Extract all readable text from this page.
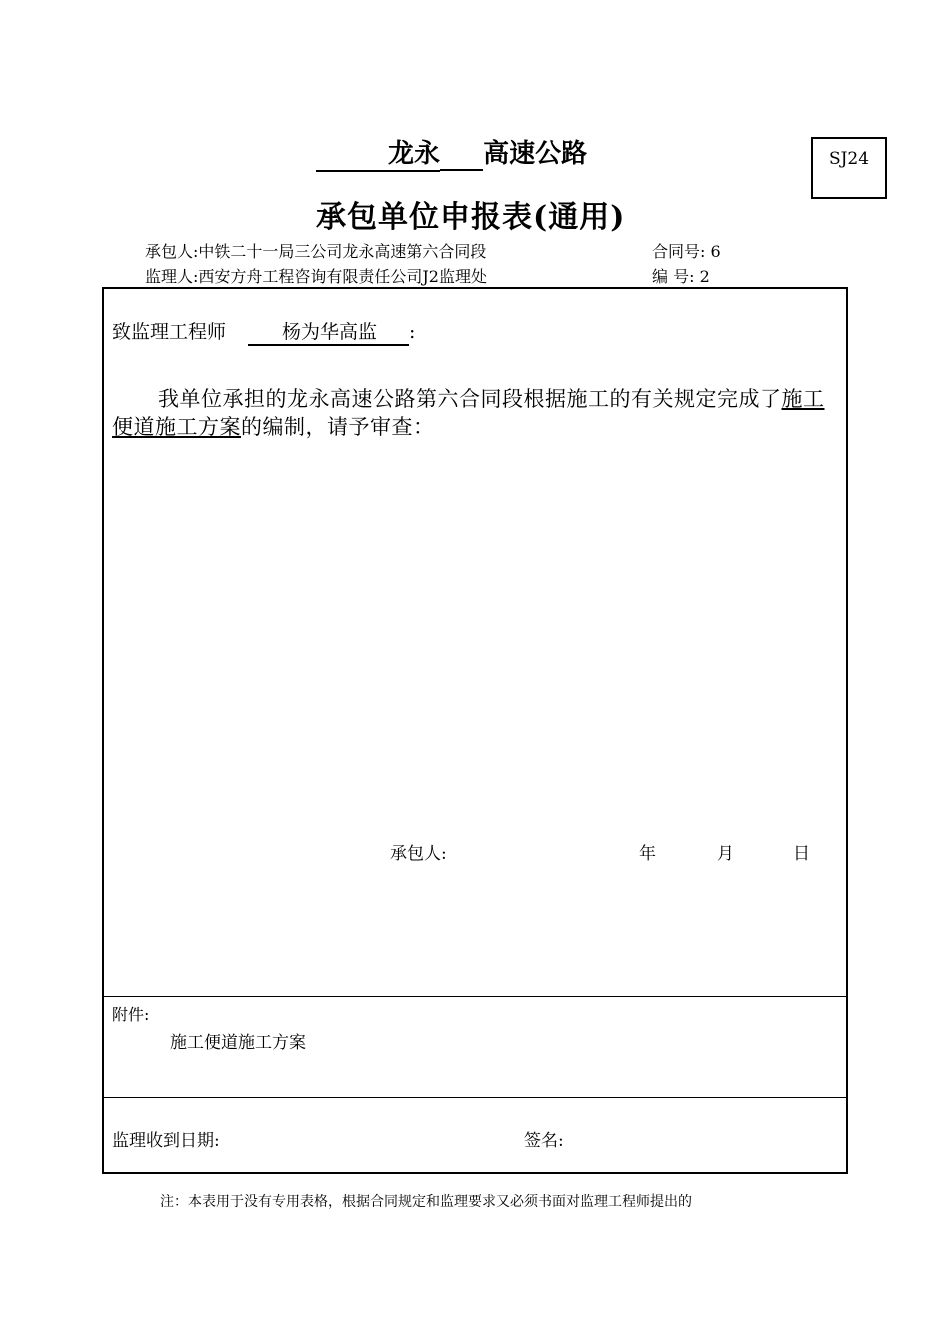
龙永 高速公路	SJ24
承包单位申报表(通用)
承包人:中铁二十一局三公司龙永高速第六合同段
监理人:西安方舟工程咨询有限责任公司J2监理处
合同号: 6
编 号: 2
致监理工程师	杨为华高监 :
我单位承担的龙永高速公路第六合同段根据施工的有关规定完成了施工便道施工方案的编制，请予审查：
承包人:	年	月	日
附件:
施工便道施工方案
监理收到日期:	签名:
注：本表用于没有专用表格，根据合同规定和监理要求又必须书面对监理工程师提出的
